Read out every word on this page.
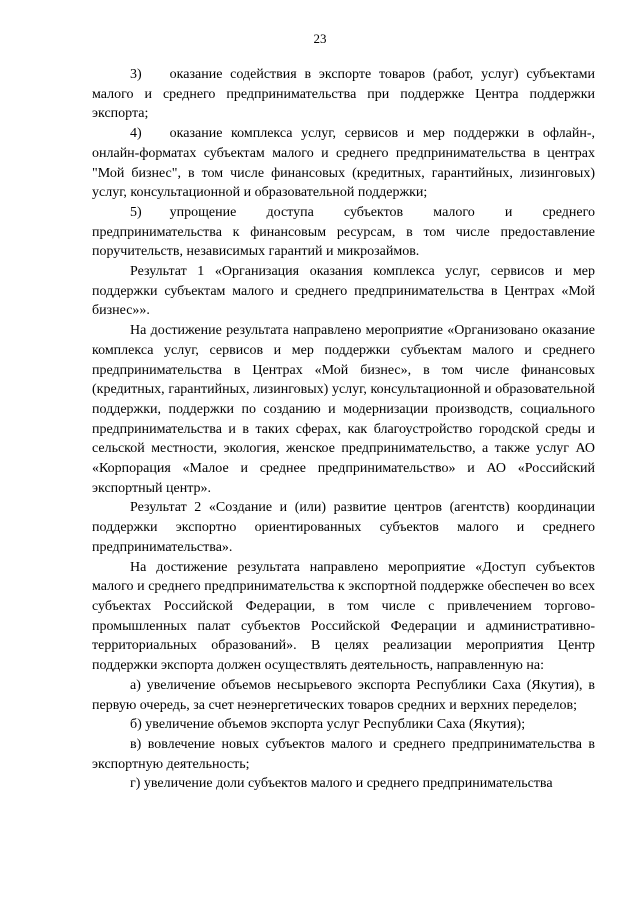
23

3)  оказание содействия в экспорте товаров (работ, услуг) субъектами малого и среднего предпринимательства при поддержке Центра поддержки экспорта;

4)  оказание комплекса услуг, сервисов и мер поддержки в офлайн-, онлайн-форматах субъектам малого и среднего предпринимательства в центрах "Мой бизнес", в том числе финансовых (кредитных, гарантийных, лизинговых) услуг, консультационной и образовательной поддержки;

5)  упрощение доступа субъектов малого и среднего предпринимательства к финансовым ресурсам, в том числе предоставление поручительств, независимых гарантий и микрозаймов.

Результат 1 «Организация оказания комплекса услуг, сервисов и мер поддержки субъектам малого и среднего предпринимательства в Центрах «Мой бизнес»».

На достижение результата направлено мероприятие «Организовано оказание комплекса услуг, сервисов и мер поддержки субъектам малого и среднего предпринимательства в Центрах «Мой бизнес», в том числе финансовых (кредитных, гарантийных, лизинговых) услуг, консультационной и образовательной поддержки, поддержки по созданию и модернизации производств, социального предпринимательства и в таких сферах, как благоустройство городской среды и сельской местности, экология, женское предпринимательство, а также услуг АО «Корпорация «Малое и среднее предпринимательство» и АО «Российский экспортный центр».

Результат 2 «Создание и (или) развитие центров (агентств) координации поддержки экспортно ориентированных субъектов малого и среднего предпринимательства».

На достижение результата направлено мероприятие «Доступ субъектов малого и среднего предпринимательства к экспортной поддержке обеспечен во всех субъектах Российской Федерации, в том числе с привлечением торгово-промышленных палат субъектов Российской Федерации и административно-территориальных образований». В целях реализации мероприятия Центр поддержки экспорта должен осуществлять деятельность, направленную на:

а) увеличение объемов несырьевого экспорта Республики Саха (Якутия), в первую очередь, за счет неэнергетических товаров средних и верхних переделов;

б) увеличение объемов экспорта услуг Республики Саха (Якутия);

в) вовлечение новых субъектов малого и среднего предпринимательства в экспортную деятельность;

г) увеличение доли субъектов малого и среднего предпринимательства
